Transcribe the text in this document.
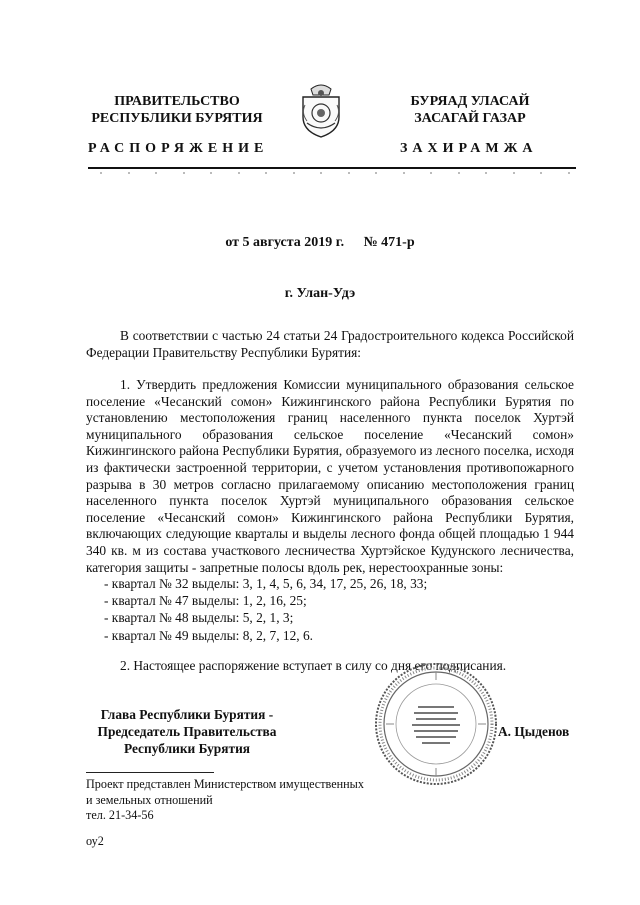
ПРАВИТЕЛЬСТВО
РЕСПУБЛИКИ БУРЯТИЯ
БУРЯАД УЛАСАЙ
ЗАСАГАЙ ГАЗАР
РАСПОРЯЖЕНИЕ	ЗАХИРАМЖА
от 5 августа 2019 г. № 471-р
г. Улан-Удэ
В соответствии с частью 24 статьи 24 Градостроительного кодекса Российской Федерации Правительству Республики Бурятия:
1. Утвердить предложения Комиссии муниципального образования сельское поселение «Чесанский сомон» Кижингинского района Республики Бурятия по установлению местоположения границ населенного пункта поселок Хуртэй муниципального образования сельское поселение «Чесанский сомон» Кижингинского района Республики Бурятия, образуемого из лесного поселка, исходя из фактически застроенной территории, с учетом установления противопожарного разрыва в 30 метров согласно прилагаемому описанию местоположения границ населенного пункта поселок Хуртэй муниципального образования сельское поселение «Чесанский сомон» Кижингинского района Республики Бурятия, включающих следующие кварталы и выделы лесного фонда общей площадью 1 944 340 кв. м из состава участкового лесничества Хуртэйское Кудунского лесничества, категория защиты - запретные полосы вдоль рек, нерестоохранные зоны:
- квартал № 32 выделы: 3, 1, 4, 5, 6, 34, 17, 25, 26, 18, 33;
- квартал № 47 выделы: 1, 2, 16, 25;
- квартал № 48 выделы: 5, 2, 1, 3;
- квартал № 49 выделы: 8, 2, 7, 12, 6.
2. Настоящее распоряжение вступает в силу со дня его подписания.
Глава Республики Бурятия -
Председатель Правительства
Республики Бурятия
А. Цыденов
Проект представлен Министерством имущественных
и земельных отношений
тел. 21-34-56
оу2
